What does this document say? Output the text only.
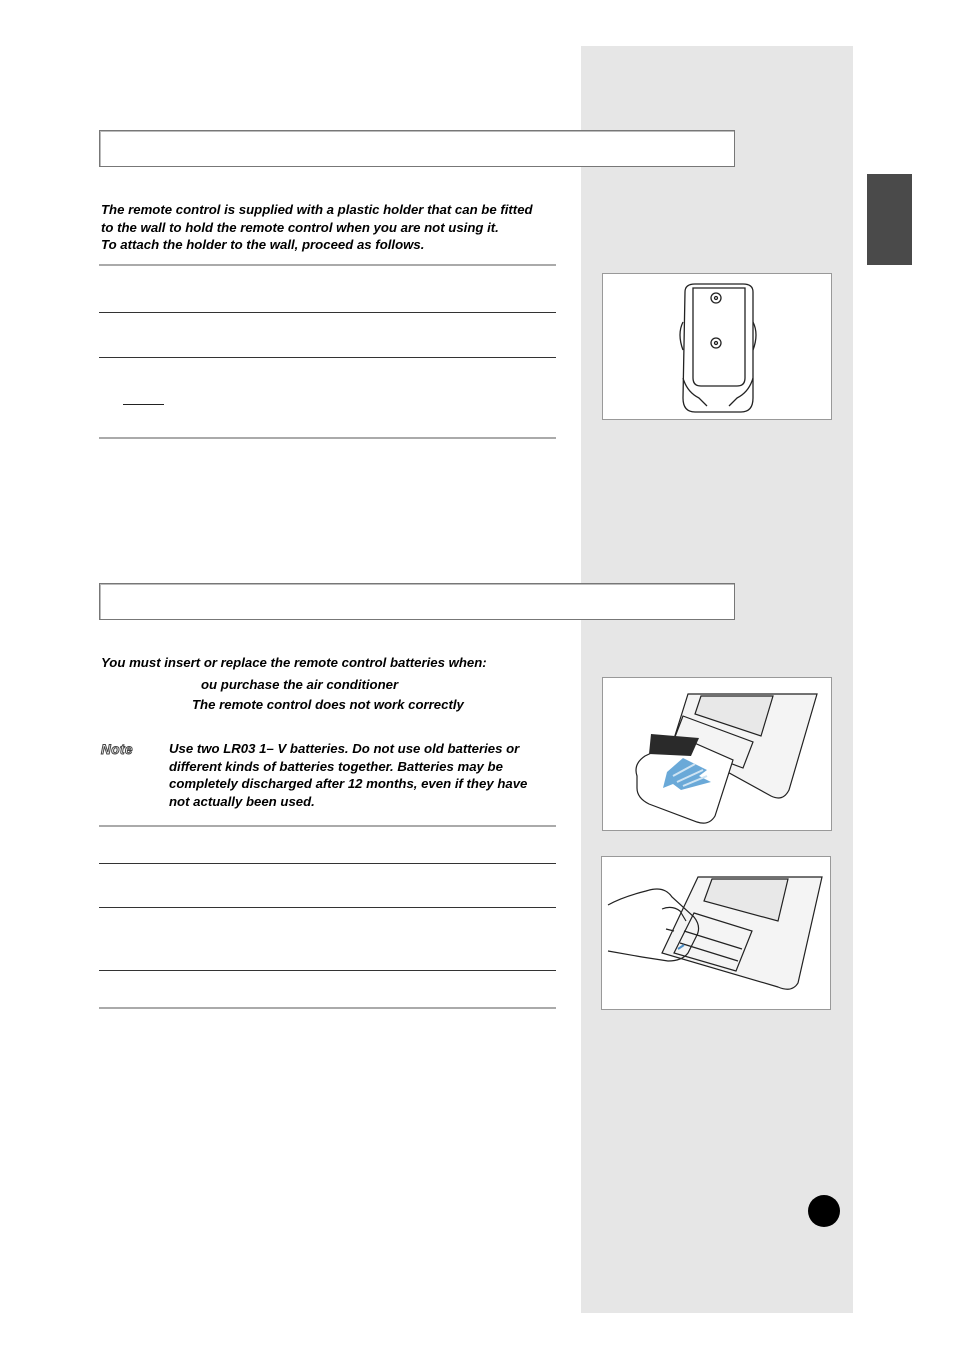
The remote control is supplied with a plastic holder that can be fitted
to the wall to hold the remote control when you are not using it.
To attach the holder to the wall, proceed as follows.
You must insert or replace the remote control batteries when:
ou purchase the air conditioner
The remote control does not work correctly
Note	Use two LR03 1– V batteries. Do not use old batteries or
different kinds of batteries together. Batteries may be
completely discharged after 12 months, even if they have
not actually been used.
